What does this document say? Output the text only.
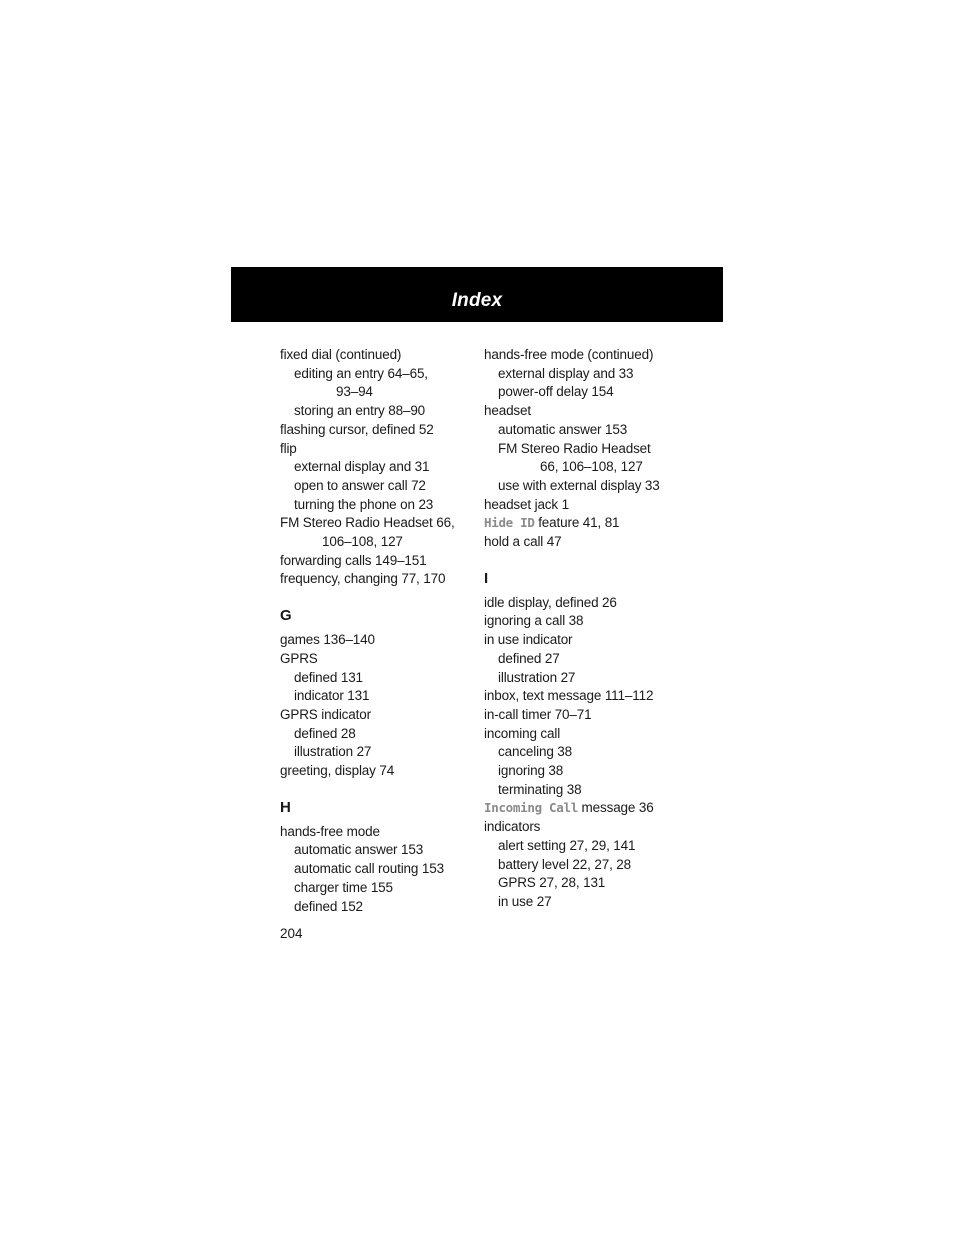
Index
fixed dial (continued)
editing an entry 64–65,
93–94
storing an entry 88–90
flashing cursor, defined 52
flip
external display and 31
open to answer call 72
turning the phone on 23
FM Stereo Radio Headset 66,
106–108, 127
forwarding calls 149–151
frequency, changing 77, 170
G
games 136–140
GPRS
defined 131
indicator 131
GPRS indicator
defined 28
illustration 27
greeting, display 74
H
hands-free mode
automatic answer 153
automatic call routing 153
charger time 155
defined 152
hands-free mode (continued)
external display and 33
power-off delay 154
headset
automatic answer 153
FM Stereo Radio Headset
66, 106–108, 127
use with external display 33
headset jack 1
Hide ID feature 41, 81
hold a call 47
I
idle display, defined 26
ignoring a call 38
in use indicator
defined 27
illustration 27
inbox, text message 111–112
in-call timer 70–71
incoming call
canceling 38
ignoring 38
terminating 38
Incoming Call message 36
indicators
alert setting 27, 29, 141
battery level 22, 27, 28
GPRS 27, 28, 131
in use 27
204
